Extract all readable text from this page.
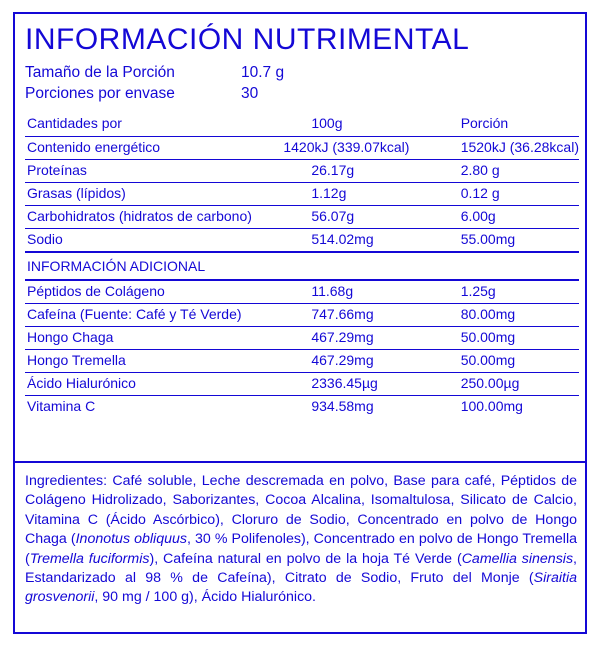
INFORMACIÓN NUTRIMENTAL
Tamaño de la Porción	10.7 g
Porciones por envase	30
Cantidades por	100g	Porción
Contenido energético	1420kJ (339.07kcal)	1520kJ (36.28kcal)
Proteínas	26.17g	2.80 g
Grasas (lípidos)	1.12g	0.12 g
Carbohidratos (hidratos de carbono)	56.07g	6.00g
Sodio	514.02mg	55.00mg
INFORMACIÓN ADICIONAL		
Péptidos de Colágeno	11.68g	1.25g
Cafeína (Fuente: Café y Té Verde)	747.66mg	80.00mg
Hongo Chaga	467.29mg	50.00mg
Hongo Tremella	467.29mg	50.00mg
Ácido Hialurónico	2336.45µg	250.00µg
Vitamina C	934.58mg	100.00mg
Ingredientes: Café soluble, Leche descremada en polvo, Base para café, Péptidos de Colágeno Hidrolizado, Saborizantes, Cocoa Alcalina, Isomaltulosa, Silicato de Calcio, Vitamina C (Ácido Ascórbico), Cloruro de Sodio, Concentrado en polvo de Hongo Chaga (Inonotus obliquus, 30 % Polifenoles), Concentrado en polvo de Hongo Tremella (Tremella fuciformis), Cafeína natural en polvo de la hoja Té Verde (Camellia sinensis, Estandarizado al 98 % de Cafeína), Citrato de Sodio, Fruto del Monje (Siraitia grosvenorii, 90 mg / 100 g), Ácido Hialurónico.
